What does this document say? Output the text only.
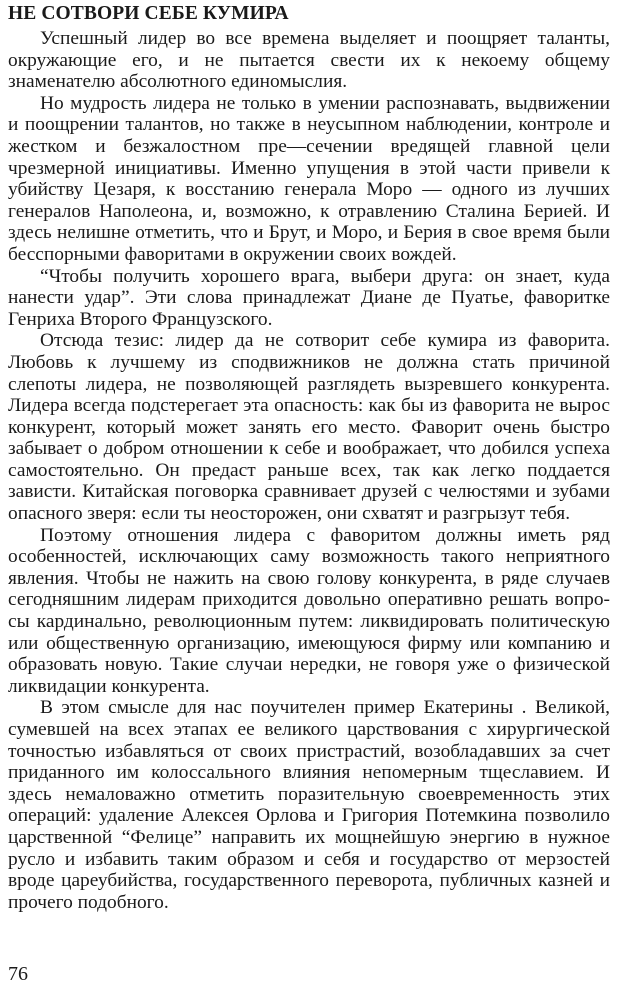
НЕ СОТВОРИ СЕБЕ КУМИРА

Успешный лидер во все времена выделяет и поощряет таланты, окружающие его, и не пытается свести их к некоему общему знаменателю абсолютного единомыслия.

Но мудрость лидера не только в умении распознавать, выдвижении и поощрении талантов, но также в неусыпном наблюдении, контроле и жестком и безжалостном пре—сечении вредящей главной цели чрезмерной инициативы. Именно упущения в этой части привели к убийству Цезаря, к восстанию генерала Моро — одного из лучших генералов Наполеона, и, возможно, к отравлению Сталина Берией. И здесь нелишне отметить, что и Брут, и Моро, и Берия в свое время были бесспорными фаворитами в окружении своих вождей.

“Чтобы получить хорошего врага, выбери друга: он знает, куда нанести удар”. Эти слова принадлежат Диане де Пуатье, фаворитке Генриха Второго Французского.

Отсюда тезис: лидер да не сотворит себе кумира из фаворита. Любовь к лучшему из сподвижников не должна стать причиной слепоты лидера, не позволяющей разглядеть вызревшего конкурента. Лидера всегда подстерегает эта опасность: как бы из фаворита не вырос конкурент, который может занять его место. Фаворит очень быстро забывает о добром отношении к себе и воображает, что добился успеха самостоятельно. Он предаст раньше всех, так как легко поддается зависти. Китайская поговорка сравнивает друзей с челюстями и зубами опасного зверя: если ты неосторожен, они схватят и разгрызут тебя.

Поэтому отношения лидера с фаворитом должны иметь ряд особенностей, исключающих саму возможность такого неприятного явления. Чтобы не нажить на свою голову конкурента, в ряде случаев сегодняшним лидерам приходится довольно оперативно решать вопросы кардинально, революционным путем: ликвидировать политическую или общественную организацию, имеющуюся фирму или компанию и образовать новую. Такие случаи нередки, не говоря уже о физической ликвидации конкурента.

В этом смысле для нас поучителен пример Екатерины . Великой, сумевшей на всех этапах ее великого царствования с хирургической точностью избавляться от своих пристрастий, возобладавших за счет приданного им колоссального влияния непомерным тщеславием. И здесь немаловажно отметить поразительную своевременность этих операций: удаление Алексея Орлова и Григория Потемкина позволило царственной “Фелице” направить их мощнейшую энергию в нужное русло и избавить таким образом и себя и государство от мерзостей вроде цареубийства, государственного переворота, публичных казней и прочего подобного.

76
